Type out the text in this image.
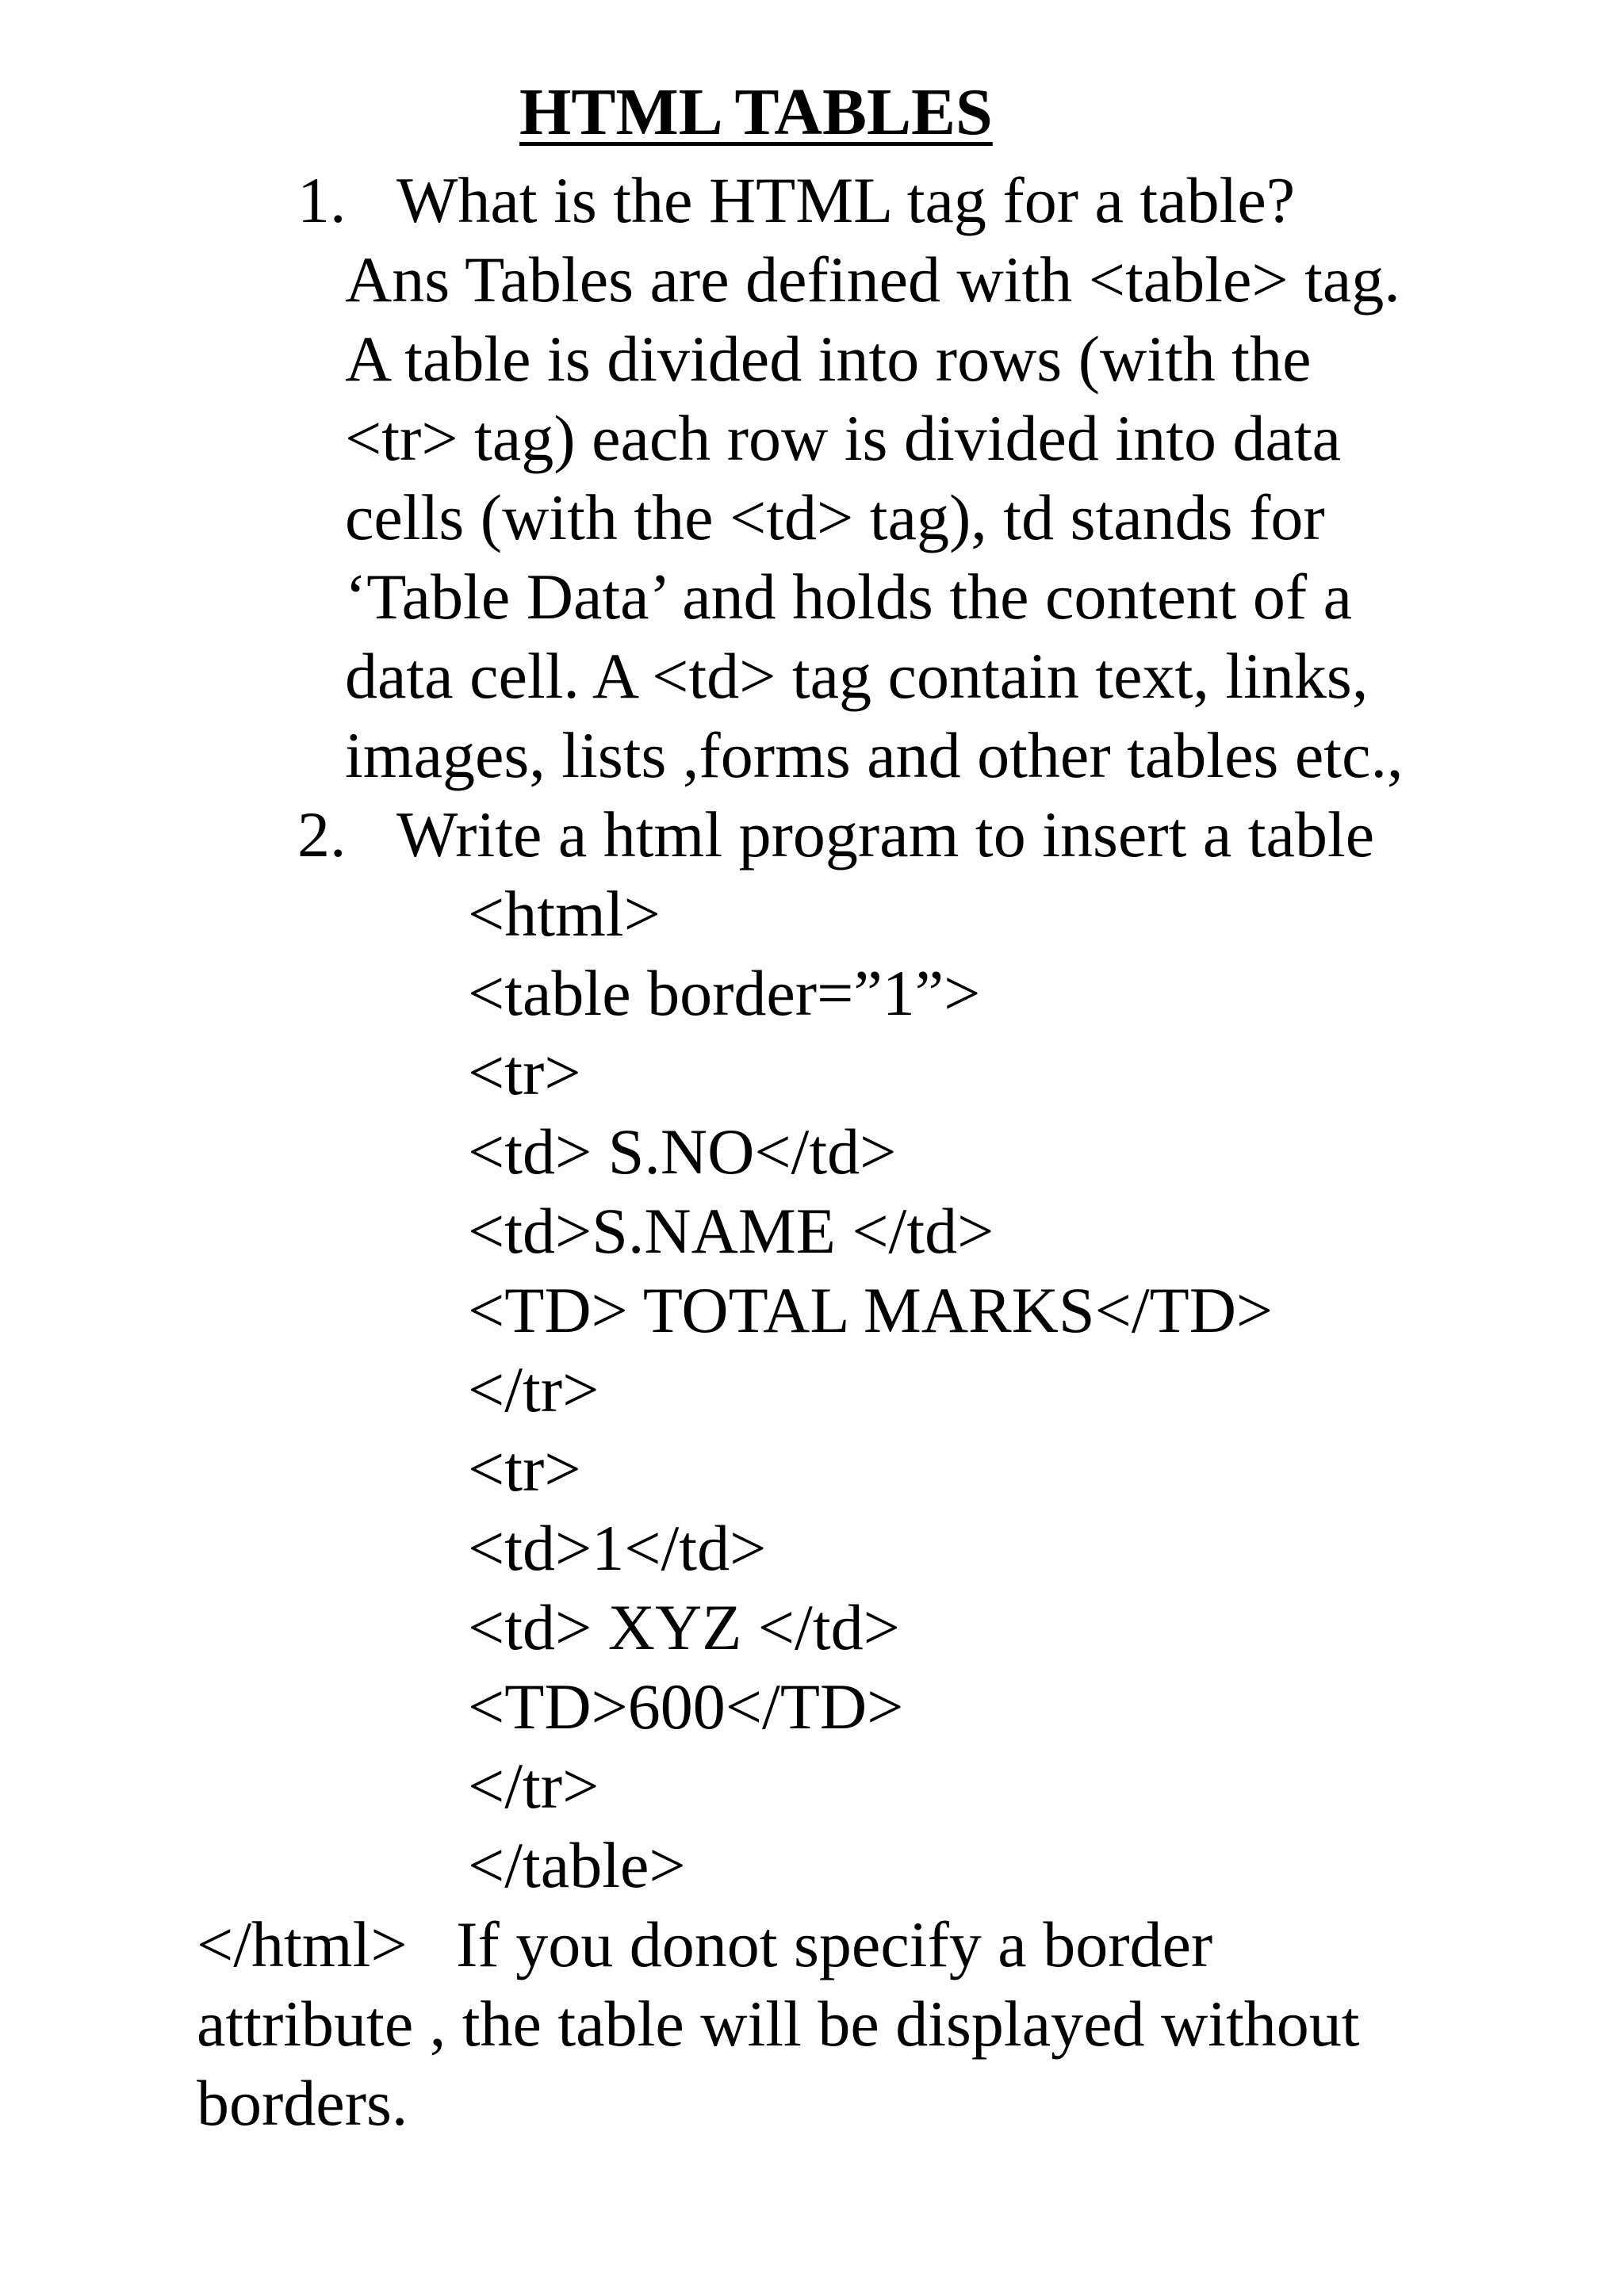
HTML TABLES
1. What is the HTML tag for a table?
Ans Tables are defined with <table> tag.
A table is divided into rows (with the
<tr> tag) each row is divided into data
cells (with the <td> tag), td stands for
‘Table Data’ and holds the content of a
data cell. A <td> tag contain text, links,
images, lists ,forms and other tables etc.,
2. Write a html program to insert a table
<html>
<table border=”1”>
<tr>
<td> S.NO</td>
<td>S.NAME </td>
<TD> TOTAL MARKS</TD>
</tr>
<tr>
<td>1</td>
<td> XYZ </td>
<TD>600</TD>
</tr>
</table>
</html>   If you donot specify a border
attribute , the table will be displayed without
borders.
